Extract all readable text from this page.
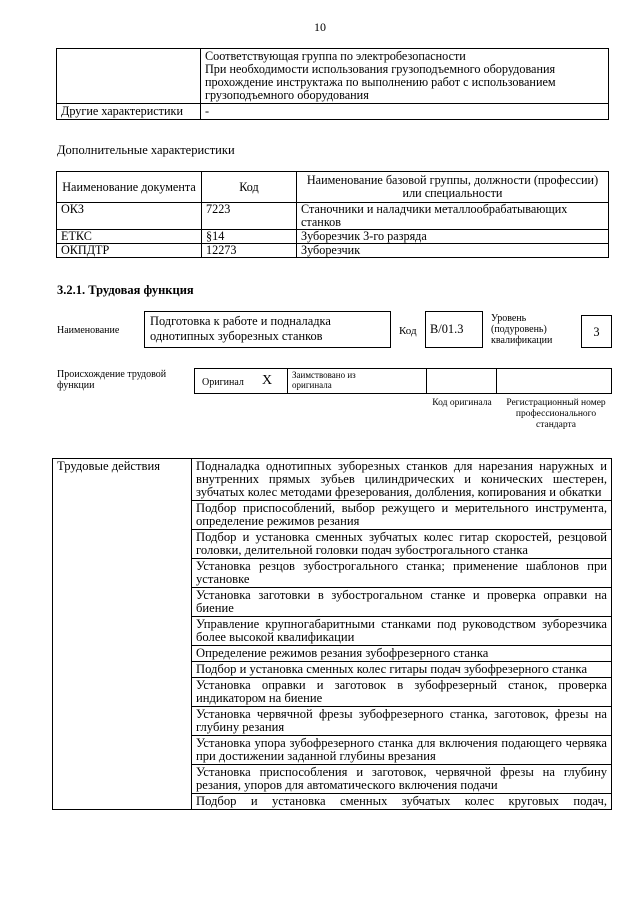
10

	Соответствующая группа по электробезопасности
При необходимости использования грузоподъемного оборудования прохождение инструктажа по выполнению работ с использованием грузоподъемного оборудования

Другие характеристики	-
Дополнительные характеристики
Наименование документа	Код	Наименование базовой группы, должности (профессии) или специальности
ОКЗ	7223	Станочники и наладчики металлообрабатывающих станков
ЕТКС	§14	Зуборезчик 3-го разряда
ОКПДТР	12273	Зуборезчик
3.2.1. Трудовая функция
Наименование
Подготовка к работе и подналадка однотипных зуборезных станков	Код	B/01.3
Уровень (подуровень) квалификации
3
Происхождение трудовой функции	Оригинал X Заимствовано из оригинала
Код оригинала	Регистрационный номер профессионального стандарта
Трудовые действия	Подналадка однотипных зуборезных станков для нарезания наружных и внутренних прямых зубьев цилиндрических и конических шестерен, зубчатых колес методами фрезерования, долбления, копирования и обкатки
Подбор приспособлений, выбор режущего и мерительного инструмента, определение режимов резания
Подбор и установка сменных зубчатых колес гитар скоростей, резцовой головки, делительной головки подач зубострогального станка
Установка резцов зубострогального станка; применение шаблонов при установке
Установка заготовки в зубострогальном станке и проверка оправки на биение
Управление крупногабаритными станками под руководством зуборезчика более высокой квалификации
Определение режимов резания зубофрезерного станка
Подбор и установка сменных колес гитары подач зубофрезерного станка
Установка оправки и заготовок в зубофрезерный станок, проверка индикатором на биение
Установка червячной фрезы зубофрезерного станка, заготовок, фрезы на глубину резания
Установка упора зубофрезерного станка для включения подающего червяка при достижении заданной глубины врезания
Установка приспособления и заготовок, червячной фрезы на глубину резания, упоров для автоматического включения подачи
Подбор и установка сменных зубчатых колес круговых подач,
